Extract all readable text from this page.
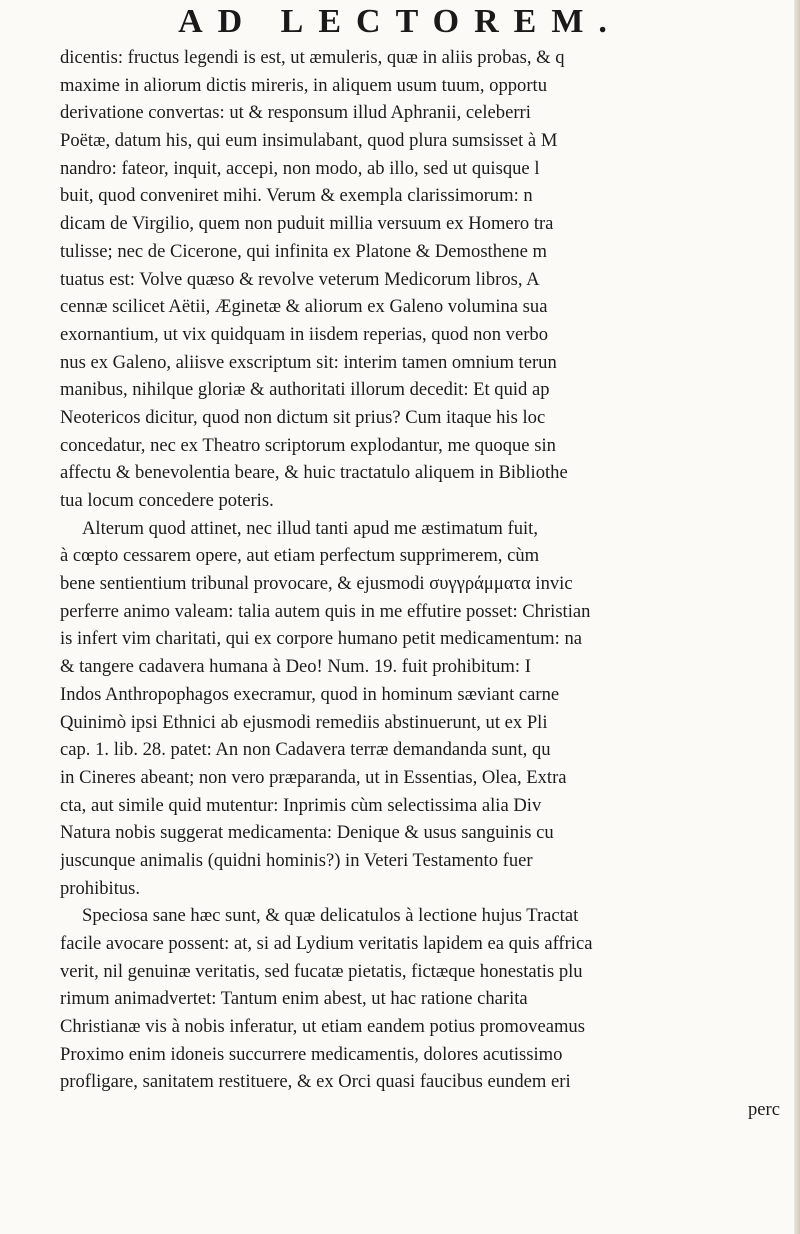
AD LECTOREM.
dicentis: fructus legendi is est, ut æmuleris, quæ in aliis probas, & q
maxime in aliorum dictis mireris, in aliquem usum tuum, opportu
derivatione convertas: ut & responsum illud Aphranii, celeberri
Poëtæ, datum his, qui eum insimulabant, quod plura sumsisset à M
nandro: fateor, inquit, accepi, non modo, ab illo, sed ut quisque l
buit, quod conveniret mihi. Verum & exempla clarissimorum: n
dicam de Virgilio, quem non puduit millia versuum ex Homero tra
tulisse; nec de Cicerone, qui infinita ex Platone & Demosthene m
tuatus est: Volve quæso & revolve veterum Medicorum libros, A
cennæ scilicet Aëtii, Æginetæ & aliorum ex Galeno volumina sua
exornantium, ut vix quidquam in iisdem reperias, quod non verbo
nus ex Galeno, aliisve exscriptum sit: interim tamen omnium terun
manibus, nihilque gloriæ & authoritati illorum decedit: Et quid ap
Neotericos dicitur, quod non dictum sit prius? Cum itaque his loc
concedatur, nec ex Theatro scriptorum explodantur, me quoque sin
affectu & benevolentia beare, & huic tractatulo aliquem in Bibliothe
tua locum concedere poteris.
Alterum quod attinet, nec illud tanti apud me æstimatum fuit,
à cœpto cessarem opere, aut etiam perfectum supprimerem, cùm
bene sentientium tribunal provocare, & ejusmodi συγγράμματα invic
perferre animo valeam: talia autem quis in me effutire posset: Christian
is infert vim charitati, qui ex corpore humano petit medicamentum: na
& tangere cadavera humana à Deo! Num. 19. fuit prohibitum: I
Indos Anthropophagos execramur, quod in hominum sæviant carne
Quinimò ipsi Ethnici ab ejusmodi remediis abstinuerunt, ut ex Pli
cap. 1. lib. 28. patet: An non Cadavera terræ demandanda sunt, qu
in Cineres abeant; non vero præparanda, ut in Essentias, Olea, Extra
cta, aut simile quid mutentur: Inprimis cùm selectissima alia Div
Natura nobis suggerat medicamenta: Denique & usus sanguinis cu
juscunque animalis (quidni hominis?) in Veteri Testamento fuer
prohibitus.
Speciosa sane hæc sunt, & quæ delicatulos à lectione hujus Tractat
facile avocare possent: at, si ad Lydium veritatis lapidem ea quis affrica
verit, nil genuinæ veritatis, sed fucatæ pietatis, fictæque honestatis plu
rimum animadvertet: Tantum enim abest, ut hac ratione charita
Christianæ vis à nobis inferatur, ut etiam eandem potius promoveamus
Proximo enim idoneis succurrere medicamentis, dolores acutissimo
profligare, sanitatem restituere, & ex Orci quasi faucibus eundem eri
perc
